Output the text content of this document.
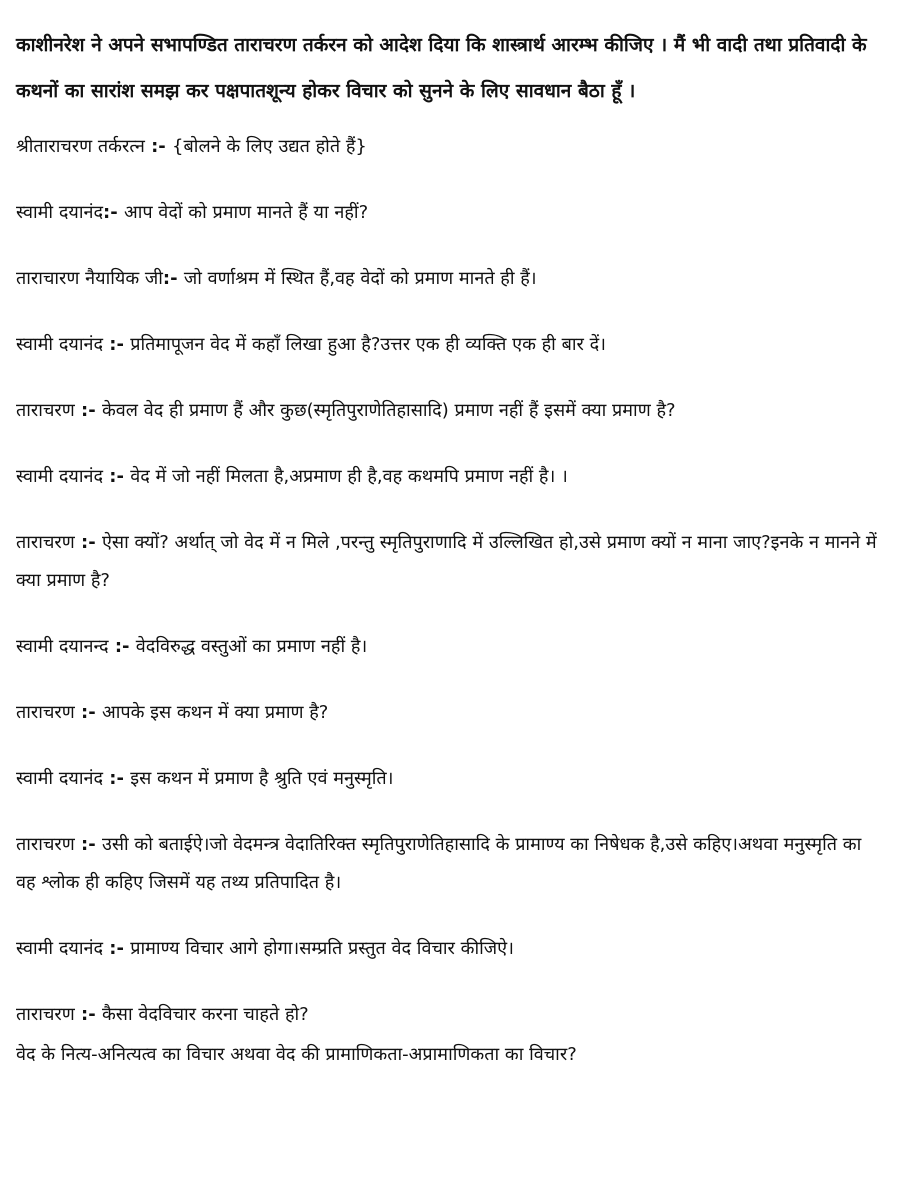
काशीनरेश ने अपने सभापण्डित ताराचरण तर्करन को आदेश दिया कि शास्त्रार्थ आरम्भ कीजिए । मैं भी वादी तथा प्रतिवादी के कथनों का सारांश समझ कर पक्षपातशून्य होकर विचार को सुनने के लिए सावधान बैठा हूँ ।

श्रीताराचरण तर्करत्न :- {बोलने के लिए उद्यत होते हैं}

स्वामी दयानंद:- आप वेदों को प्रमाण मानते हैं या नहीं?

ताराचारण नैयायिक जी:- जो वर्णाश्रम में स्थित हैं,वह वेदों को प्रमाण मानते ही हैं।

स्वामी दयानंद :- प्रतिमापूजन वेद में कहाँ लिखा हुआ है?उत्तर एक ही व्यक्ति एक ही बार दें।

ताराचरण :- केवल वेद ही प्रमाण हैं और कुछ(स्मृतिपुराणेतिहासादि) प्रमाण नहीं हैं इसमें क्या प्रमाण है?

स्वामी दयानंद :- वेद में जो नहीं मिलता है,अप्रमाण ही है,वह कथमपि प्रमाण नहीं है। ।

ताराचरण :- ऐसा क्यों? अर्थात् जो वेद में न मिले ,परन्तु स्मृतिपुराणादि में उल्लिखित हो,उसे प्रमाण क्यों न माना जाए?इनके न मानने में क्या प्रमाण है?

स्वामी दयानन्द :- वेदविरुद्ध वस्तुओं का प्रमाण नहीं है।

ताराचरण :- आपके इस कथन में क्या प्रमाण है?

स्वामी दयानंद :- इस कथन में प्रमाण है श्रुति एवं मनुस्मृति।

ताराचरण :- उसी को बताईऐ।जो वेदमन्त्र वेदातिरिक्त स्मृतिपुराणेतिहासादि के प्रामाण्य का निषेधक है,उसे कहिए।अथवा मनुस्मृति का वह श्लोक ही कहिए जिसमें यह तथ्य प्रतिपादित है।

स्वामी दयानंद :- प्रामाण्य विचार आगे होगा।सम्प्रति प्रस्तुत वेद विचार कीजिऐ।

ताराचरण :- कैसा वेदविचार करना चाहते हो?

वेद के नित्य-अनित्यत्व का विचार अथवा वेद की प्रामाणिकता-अप्रामाणिकता का विचार?
